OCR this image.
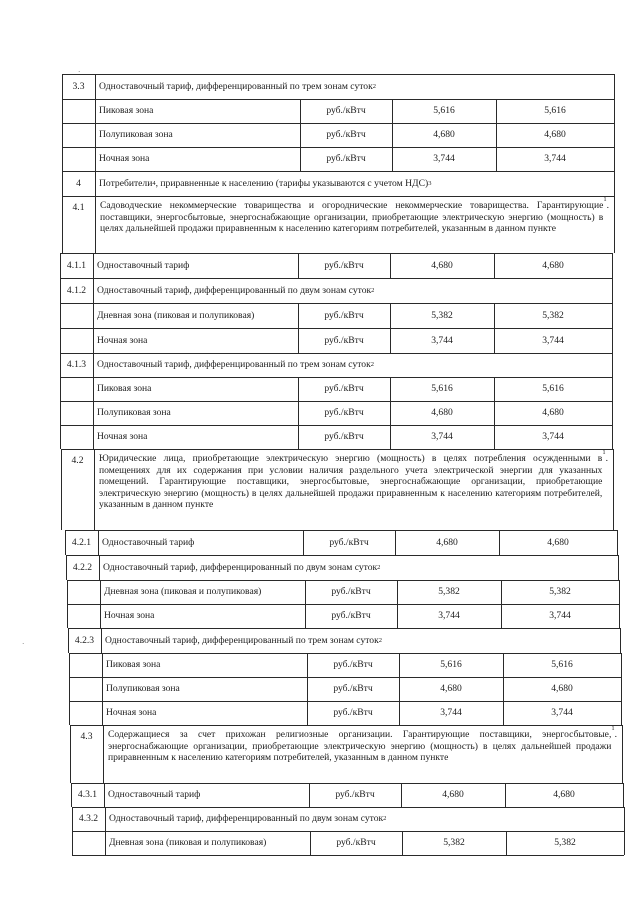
3.3	Одноставочный тариф, дифференцированный по трем зонам суток 2
Пиковая зона	руб./кВтч	5,616	5,616
Полупиковая зона	руб./кВтч	4,680	4,680
Ночная зона	руб./кВтч	3,744	3,744
4	Потребители 4 , приравненные к населению (тарифы указываются с учетом НДС) 3
4.1	Садоводческие некоммерческие товарищества и огороднические некоммерческие товарищества. Гарантирующие поставщики, энергосбытовые, энергоснабжающие организации, приобретающие электрическую энергию (мощность) в целях дальнейшей продажи приравненным к населению категориям потребителей, указанным в данном пункте
1
.
4.1.1	Одноставочный тариф	руб./кВтч	4,680	4,680
4.1.2	Одноставочный тариф, дифференцированный по двум зонам суток 2
Дневная зона (пиковая и полупиковая)	руб./кВтч	5,382	5,382
Ночная зона	руб./кВтч	3,744	3,744
4.1.3	Одноставочный тариф, дифференцированный по трем зонам суток 2
Пиковая зона	руб./кВтч	5,616	5,616
Полупиковая зона	руб./кВтч	4,680	4,680
Ночная зона	руб./кВтч	3,744	3,744
4.2	Юридические лица, приобретающие электрическую энергию (мощность) в целях потребления осужденными в помещениях для их содержания при условии наличия раздельного учета электрической энергии для указанных помещений. Гарантирующие поставщики, энергосбытовые, энергоснабжающие организации, приобретающие электрическую энергию (мощность) в целях дальнейшей продажи приравненным к населению категориям потребителей, указанным в данном пункте
1
.
4.2.1	Одноставочный тариф	руб./кВтч	4,680	4,680
4.2.2	Одноставочный тариф, дифференцированный по двум зонам суток 2
Дневная зона (пиковая и полупиковая)	руб./кВтч	5,382	5,382
Ночная зона	руб./кВтч	3,744	3,744
4.2.3	Одноставочный тариф, дифференцированный по трем зонам суток 2
Пиковая зона	руб./кВтч	5,616	5,616
Полупиковая зона	руб./кВтч	4,680	4,680
Ночная зона	руб./кВтч	3,744	3,744
4.3	Содержащиеся за счет прихожан религиозные организации. Гарантирующие поставщики, энергосбытовые, энергоснабжающие организации, приобретающие электрическую энергию (мощность) в целях дальнейшей продажи приравненным к населению категориям потребителей, указанным в данном пункте
1
.
4.3.1	Одноставочный тариф	руб./кВтч	4,680	4,680
4.3.2	Одноставочный тариф, дифференцированный по двум зонам суток 2
Дневная зона (пиковая и полупиковая)	руб./кВтч	5,382	5,382
·
·
